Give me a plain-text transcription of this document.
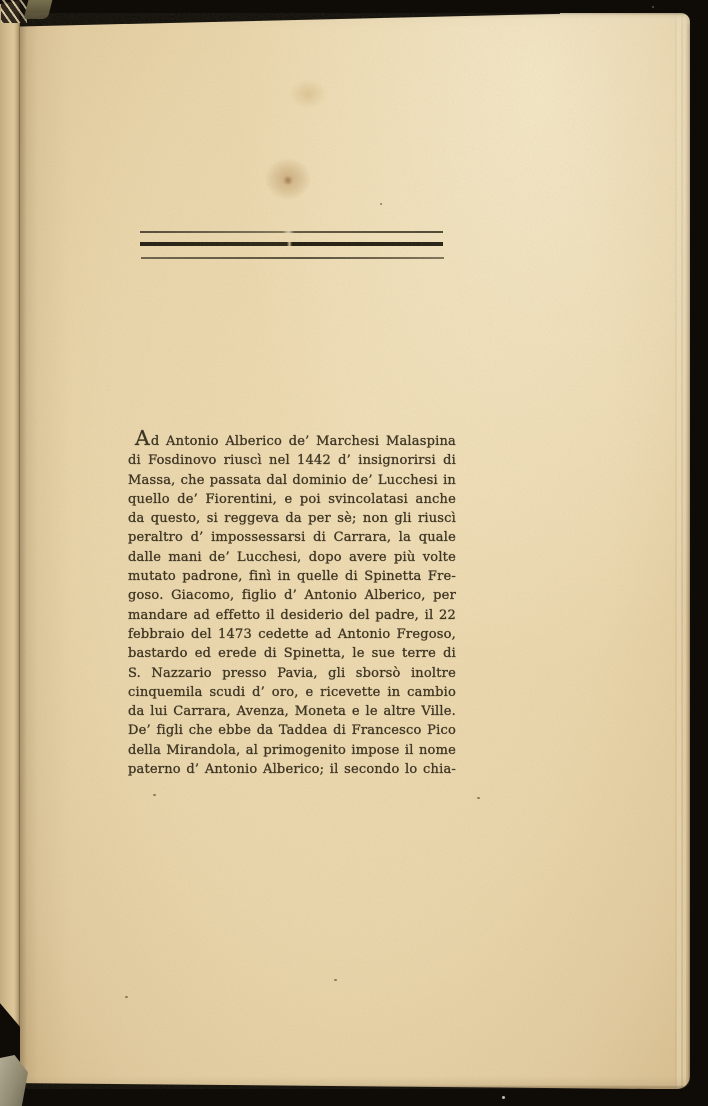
Ad Antonio Alberico de’ Marchesi Malaspina
di Fosdinovo riuscì nel 1442 d’ insignorirsi di
Massa, che passata dal dominio de’ Lucchesi in
quello de’ Fiorentini, e poi svincolatasi anche
da questo, si reggeva da per sè; non gli riuscì
peraltro d’ impossessarsi di Carrara, la quale
dalle mani de’ Lucchesi, dopo avere più volte
mutato padrone, finì in quelle di Spinetta Fre-
goso. Giacomo, figlio d’ Antonio Alberico, per
mandare ad effetto il desiderio del padre, il 22
febbraio del 1473 cedette ad Antonio Fregoso,
bastardo ed erede di Spinetta, le sue terre di
S. Nazzario presso Pavia, gli sborsò inoltre
cinquemila scudi d’ oro, e ricevette in cambio
da lui Carrara, Avenza, Moneta e le altre Ville.
De’ figli che ebbe da Taddea di Francesco Pico
della Mirandola, al primogenito impose il nome
paterno d’ Antonio Alberico; il secondo lo chia-
